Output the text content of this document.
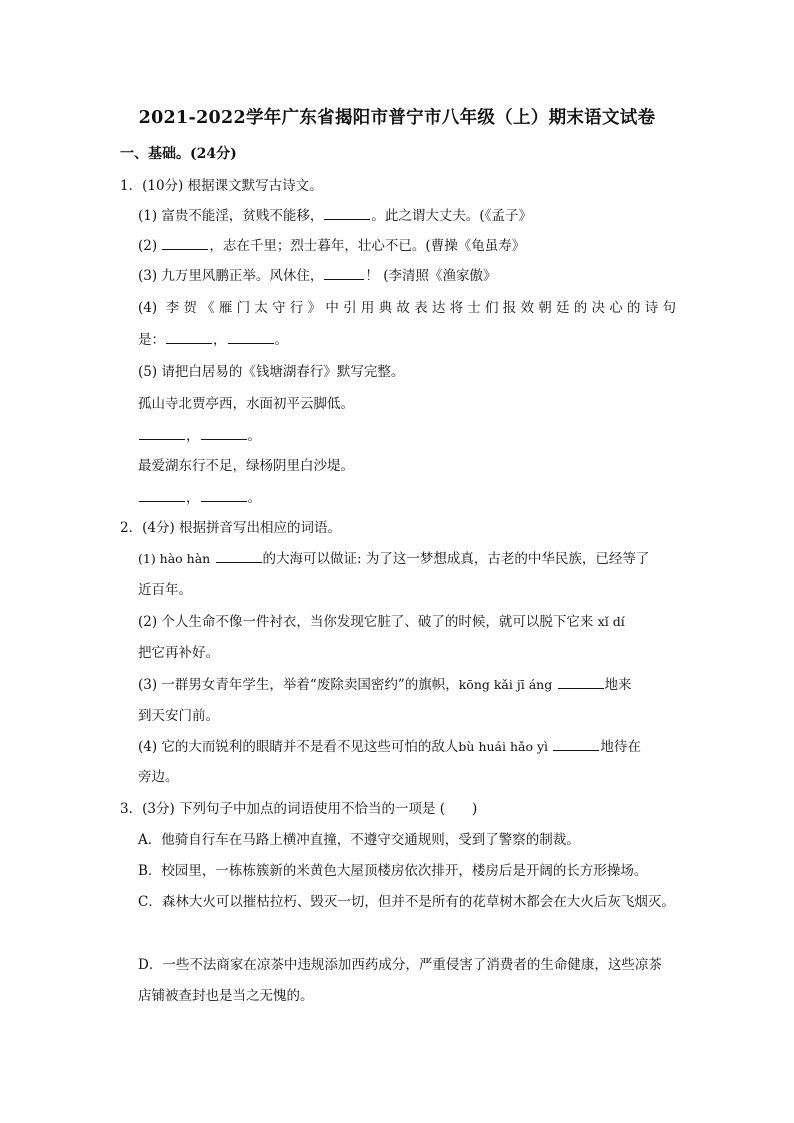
2021-2022学年广东省揭阳市普宁市八年级（上）期末语文试卷
一、基础。(24分)
1．(10分) 根据课文默写古诗文。
(1) 富贵不能淫，贫贱不能移，	。此之谓大丈夫。(《孟子》
(2)	，志在千里；烈士暮年，壮心不已。(曹操《龟虽寿》
(3) 九万里风鹏正举。风休住，	！ (李清照《渔家傲》
(4) 李贺《雁门太守行》中引用典故表达将士们报效朝廷的决心的诗句
是：	，	。
(5) 请把白居易的《钱塘湖春行》默写完整。
孤山寺北贾亭西，水面初平云脚低。
，	。
最爱湖东行不足，绿杨阴里白沙堤。
，	。
2．(4分) 根据拼音写出相应的词语。
(1) hào hàn	的大海可以做证: 为了这一梦想成真，古老的中华民族，已经等了
近百年。
(2) 个人生命不像一件衬衣，当你发现它脏了、破了的时候，就可以脱下它来 xǐ dí
把它再补好。
(3) 一群男女青年学生，举着“废除卖国密约”的旗帜，kōng kǎi jī áng	地来
到天安门前。
(4) 它的大而锐利的眼睛并不是看不见这些可怕的敌人bù huái hǎo yì	地待在
旁边。
3．(3分) 下列句子中加点的词语使用不恰当的一项是 (　　)
A．他骑自行车在马路上横冲直撞，不遵守交通规则，受到了警察的制裁。
B．校园里，一栋栋簇新的米黄色大屋顶楼房依次排开，楼房后是开阔的长方形操场。
C．森林大火可以摧枯拉朽、毁灭一切，但并不是所有的花草树木都会在大火后灰飞烟灭。
D．一些不法商家在凉茶中违规添加西药成分，严重侵害了消费者的生命健康，这些凉茶
店铺被查封也是当之无愧的。
